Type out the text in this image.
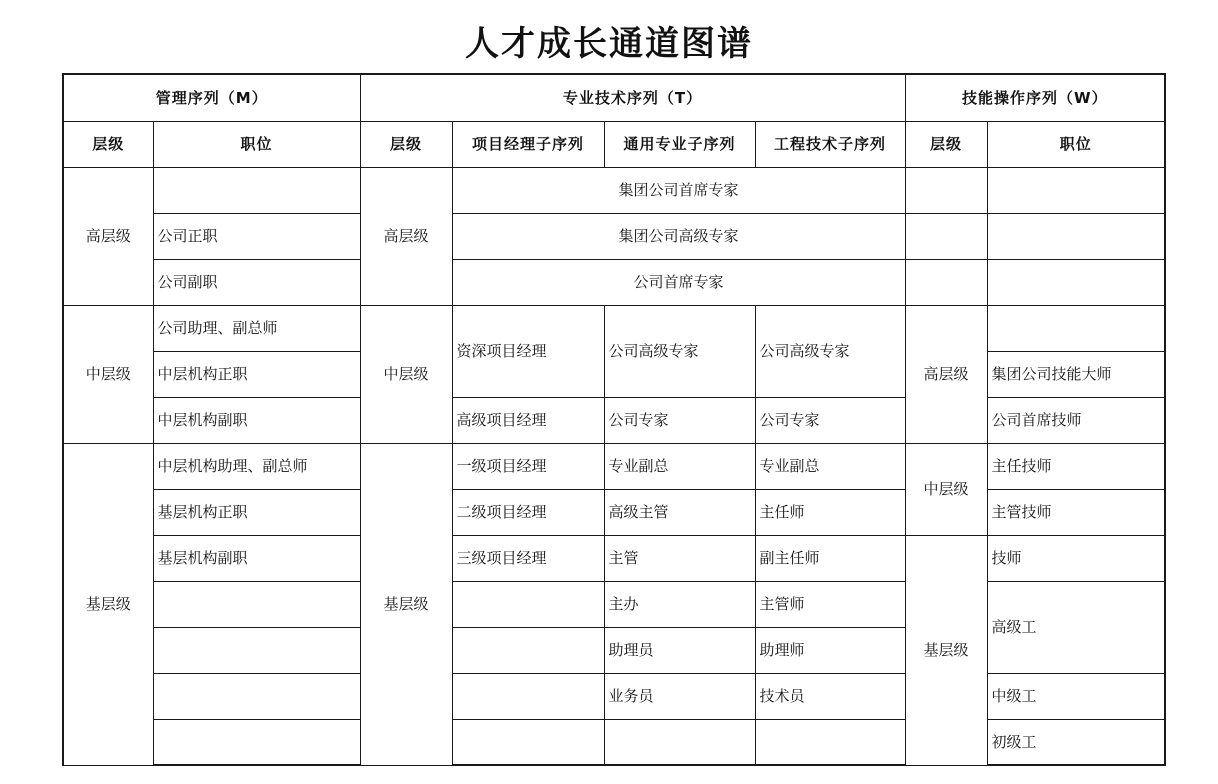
人才成长通道图谱
管理序列（M）		专业技术序列（T）				技能操作序列（W）	
层级	职位	层级	项目经理子序列	通用专业子序列	工程技术子序列	层级	职位
高层级		高层级	集团公司首席专家				
	公司正职		集团公司高级专家				
	公司副职		公司首席专家				
中层级	公司助理、副总师	中层级	资深项目经理	公司高级专家	公司高级专家	高层级	
	中层机构正职						集团公司技能大师
	中层机构副职		高级项目经理	公司专家	公司专家		公司首席技师
基层级	中层机构助理、副总师	基层级	一级项目经理	专业副总	专业副总	中层级	主任技师
	基层机构正职		二级项目经理	高级主管	主任师		主管技师
	基层机构副职		三级项目经理	主管	副主任师	基层级	技师
				主办	主管师		高级工
				助理员	助理师		
				业务员	技术员		中级工
							初级工
